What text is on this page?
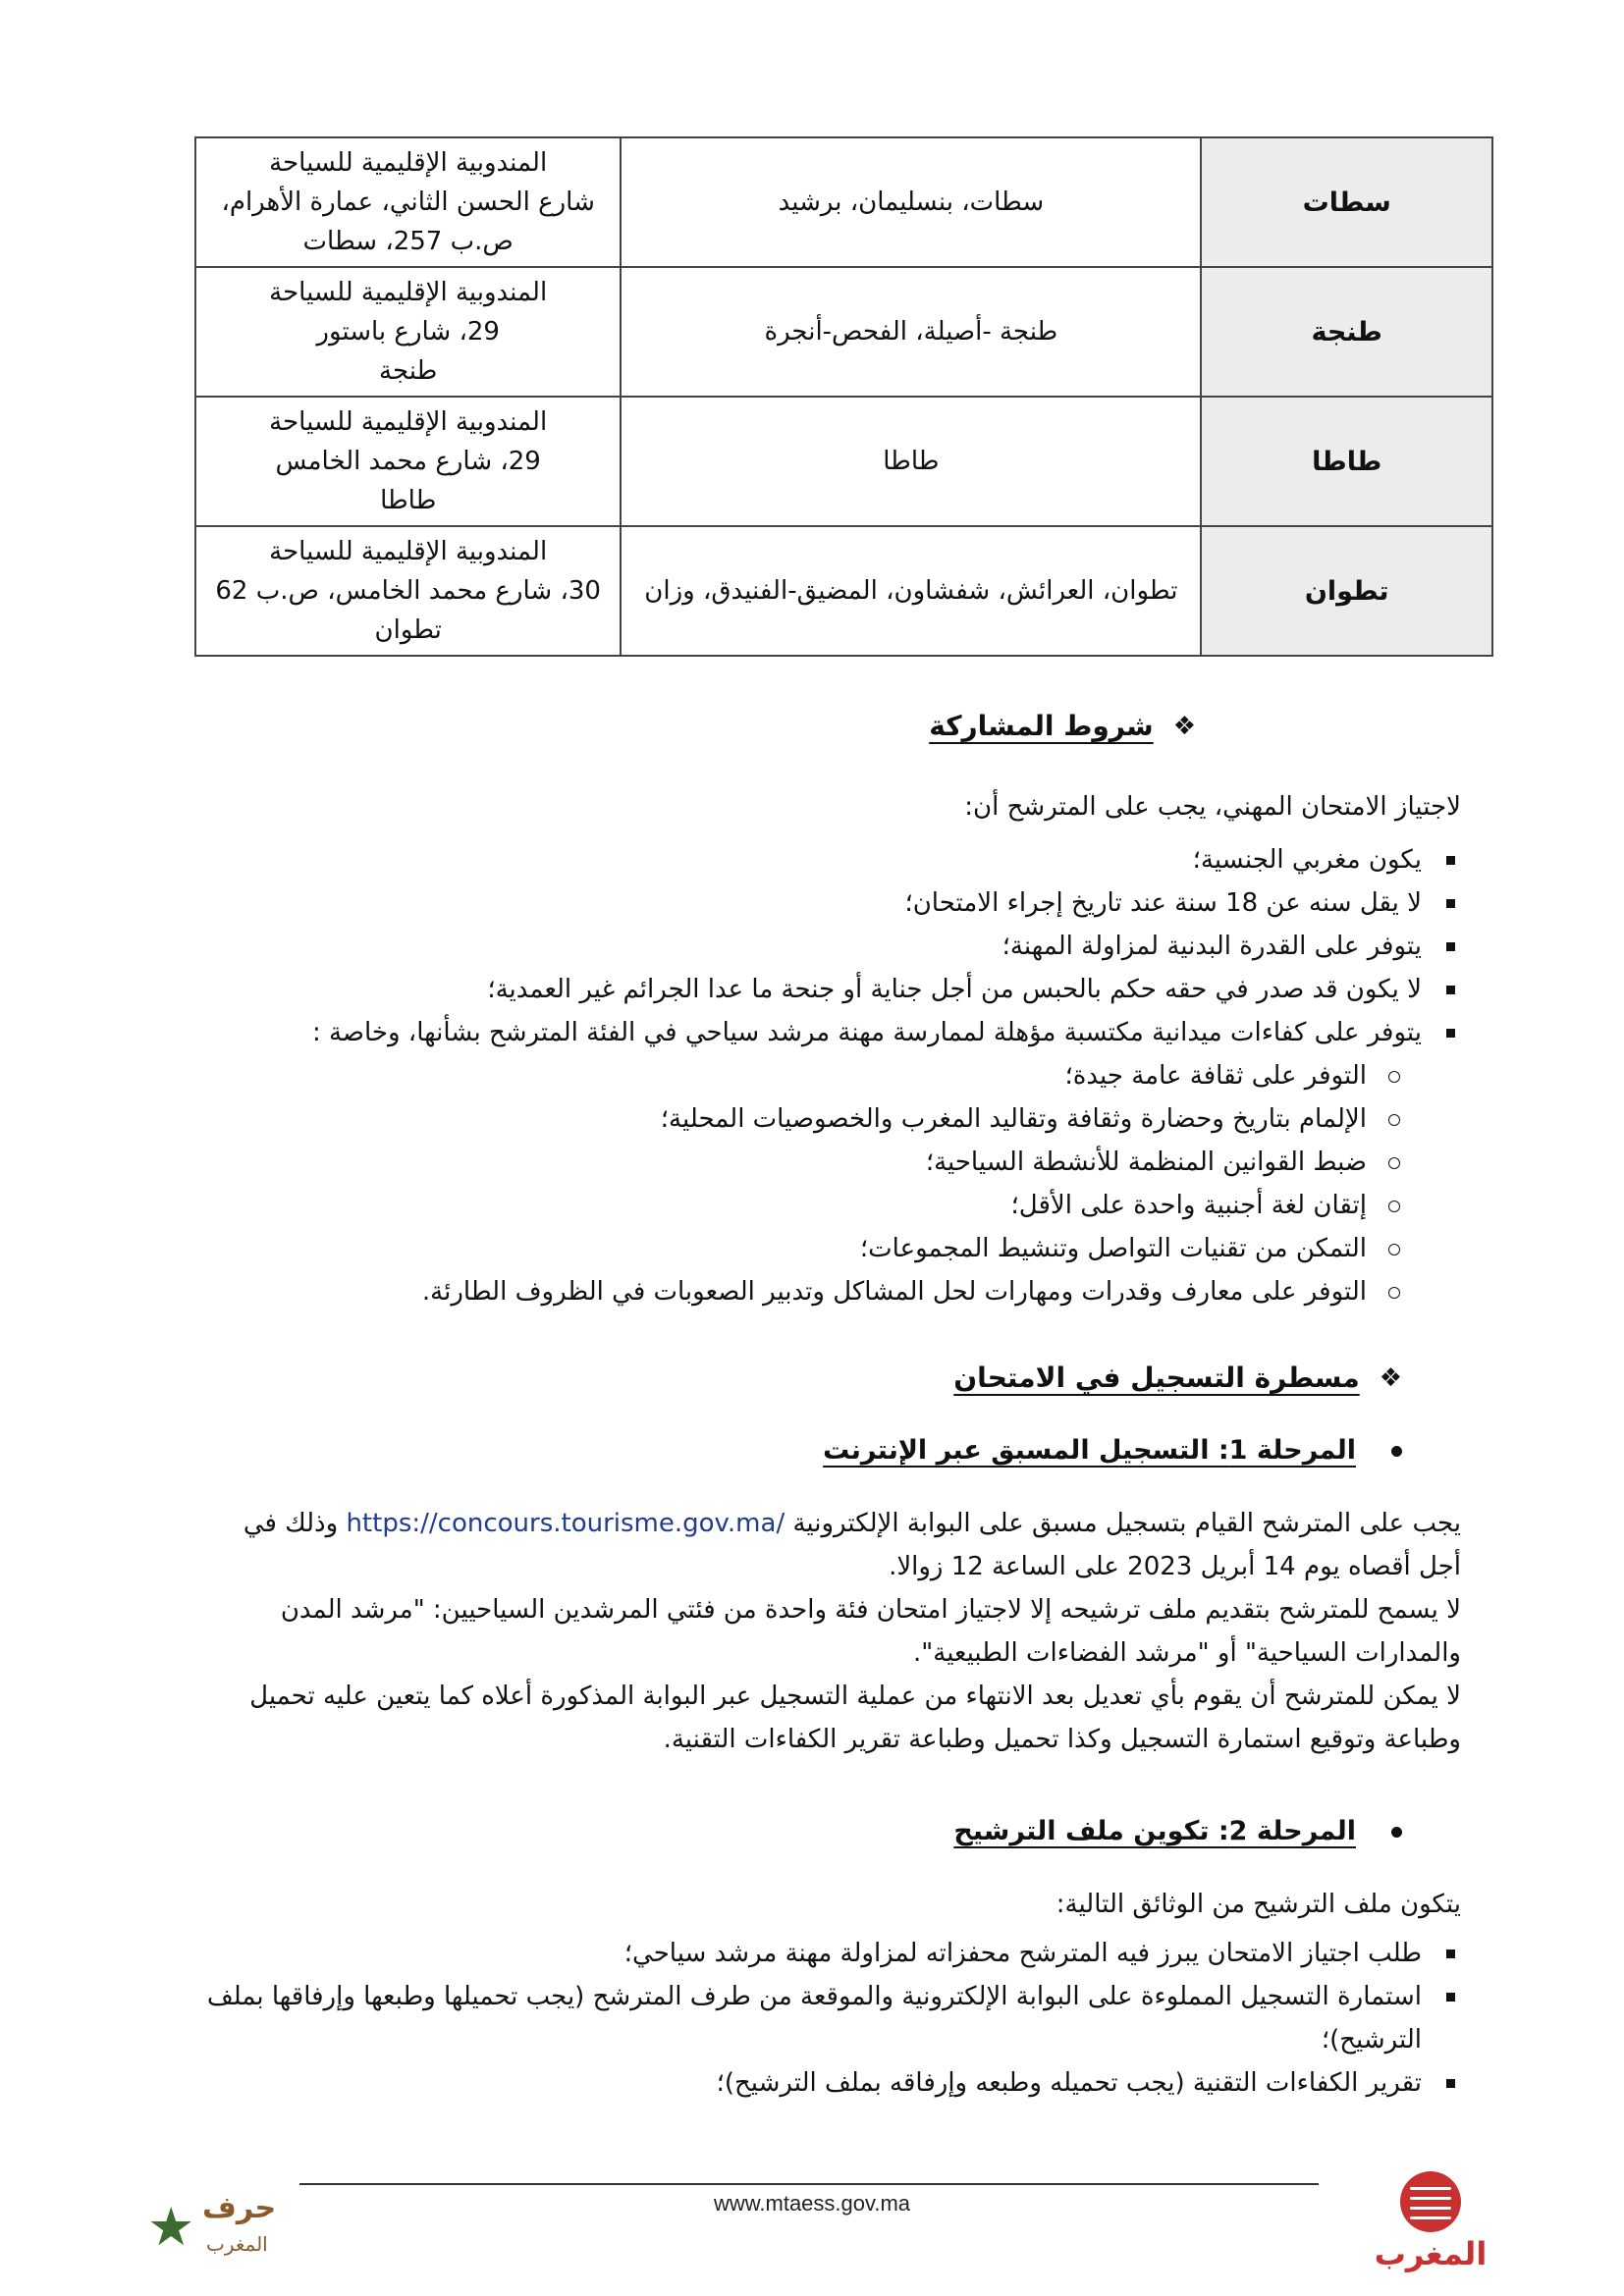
سطات	سطات، بنسليمان، برشيد	المندوبية الإقليمية للسياحة
شارع الحسن الثاني، عمارة الأهرام،
ص.ب 257، سطات

طنجة	طنجة -أصيلة، الفحص-أنجرة	المندوبية الإقليمية للسياحة
29، شارع باستور
طنجة

طاطا	طاطا	المندوبية الإقليمية للسياحة
29، شارع محمد الخامس
طاطا

تطوان	تطوان، العرائش، شفشاون، المضيق-الفنيدق، وزان	المندوبية الإقليمية للسياحة
30، شارع محمد الخامس، ص.ب 62
تطوان
❖
شروط المشاركة
لاجتياز الامتحان المهني، يجب على المترشح أن:
يكون مغربي الجنسية؛
لا يقل سنه عن 18 سنة عند تاريخ إجراء الامتحان؛
يتوفر على القدرة البدنية لمزاولة المهنة؛
لا يكون قد صدر في حقه حكم بالحبس من أجل جناية أو جنحة ما عدا الجرائم غير العمدية؛
يتوفر على كفاءات ميدانية مكتسبة مؤهلة لممارسة مهنة مرشد سياحي في الفئة المترشح بشأنها، وخاصة :
التوفر على ثقافة عامة جيدة؛
الإلمام بتاريخ وحضارة وثقافة وتقاليد المغرب والخصوصيات المحلية؛
ضبط القوانين المنظمة للأنشطة السياحية؛
إتقان لغة أجنبية واحدة على الأقل؛
التمكن من تقنيات التواصل وتنشيط المجموعات؛
التوفر على معارف وقدرات ومهارات لحل المشاكل وتدبير الصعوبات في الظروف الطارئة.
❖
مسطرة التسجيل في الامتحان
المرحلة 1: التسجيل المسبق عبر الإنترنت
يجب على المترشح القيام بتسجيل مسبق على البوابة الإلكترونية https://concours.tourisme.gov.ma/ وذلك في أجل أقصاه يوم 14 أبريل 2023 على الساعة 12 زوالا.
لا يسمح للمترشح بتقديم ملف ترشيحه إلا لاجتياز امتحان فئة واحدة من فئتي المرشدين السياحيين: "مرشد المدن والمدارات السياحية" أو "مرشد الفضاءات الطبيعية".
لا يمكن للمترشح أن يقوم بأي تعديل بعد الانتهاء من عملية التسجيل عبر البوابة المذكورة أعلاه كما يتعين عليه تحميل وطباعة وتوقيع استمارة التسجيل وكذا تحميل وطباعة تقرير الكفاءات التقنية.
المرحلة 2: تكوين ملف الترشيح
يتكون ملف الترشيح من الوثائق التالية:
طلب اجتياز الامتحان يبرز فيه المترشح محفزاته لمزاولة مهنة مرشد سياحي؛
استمارة التسجيل المملوءة على البوابة الإلكترونية والموقعة من طرف المترشح (يجب تحميلها وطبعها وإرفاقها بملف الترشيح)؛
تقرير الكفاءات التقنية (يجب تحميله وطبعه وإرفاقه بملف الترشيح)؛
www.mtaess.gov.ma
المغرب
★ حرف
المغرب
